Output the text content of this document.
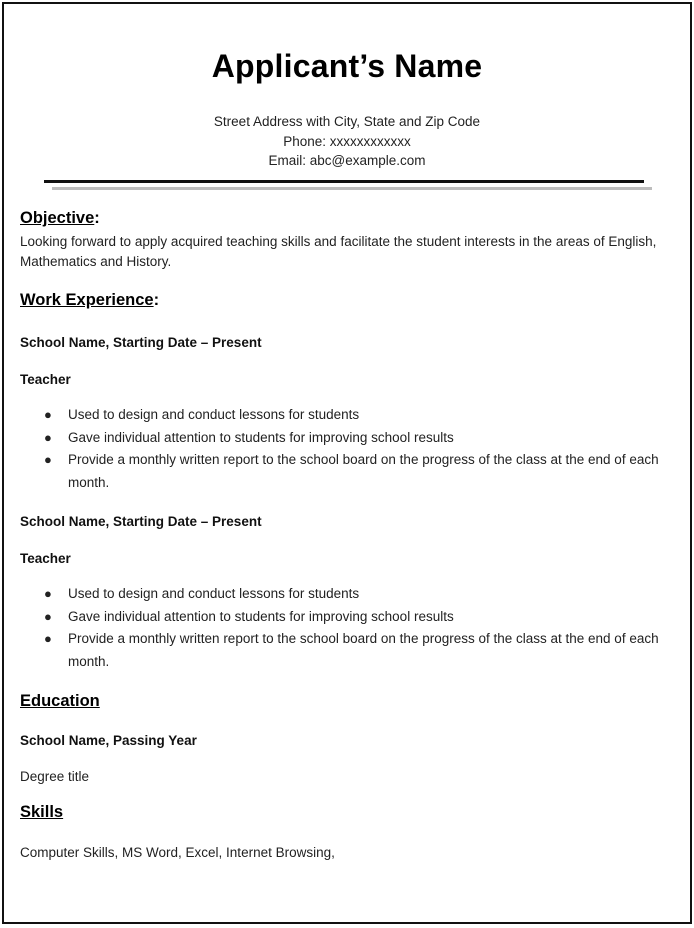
Applicant’s Name
Street Address with City, State and Zip Code
Phone: xxxxxxxxxxxx
Email: abc@example.com
Objective:
Looking forward to apply acquired teaching skills and facilitate the student interests in the areas of English, Mathematics and History.
Work Experience:
School Name, Starting Date – Present
Teacher
● Used to design and conduct lessons for students
● Gave individual attention to students for improving school results
● Provide a monthly written report to the school board on the progress of the class at the end of each month.
School Name, Starting Date – Present
Teacher
● Used to design and conduct lessons for students
● Gave individual attention to students for improving school results
● Provide a monthly written report to the school board on the progress of the class at the end of each month.
Education
School Name, Passing Year
Degree title
Skills
Computer Skills, MS Word, Excel, Internet Browsing,
